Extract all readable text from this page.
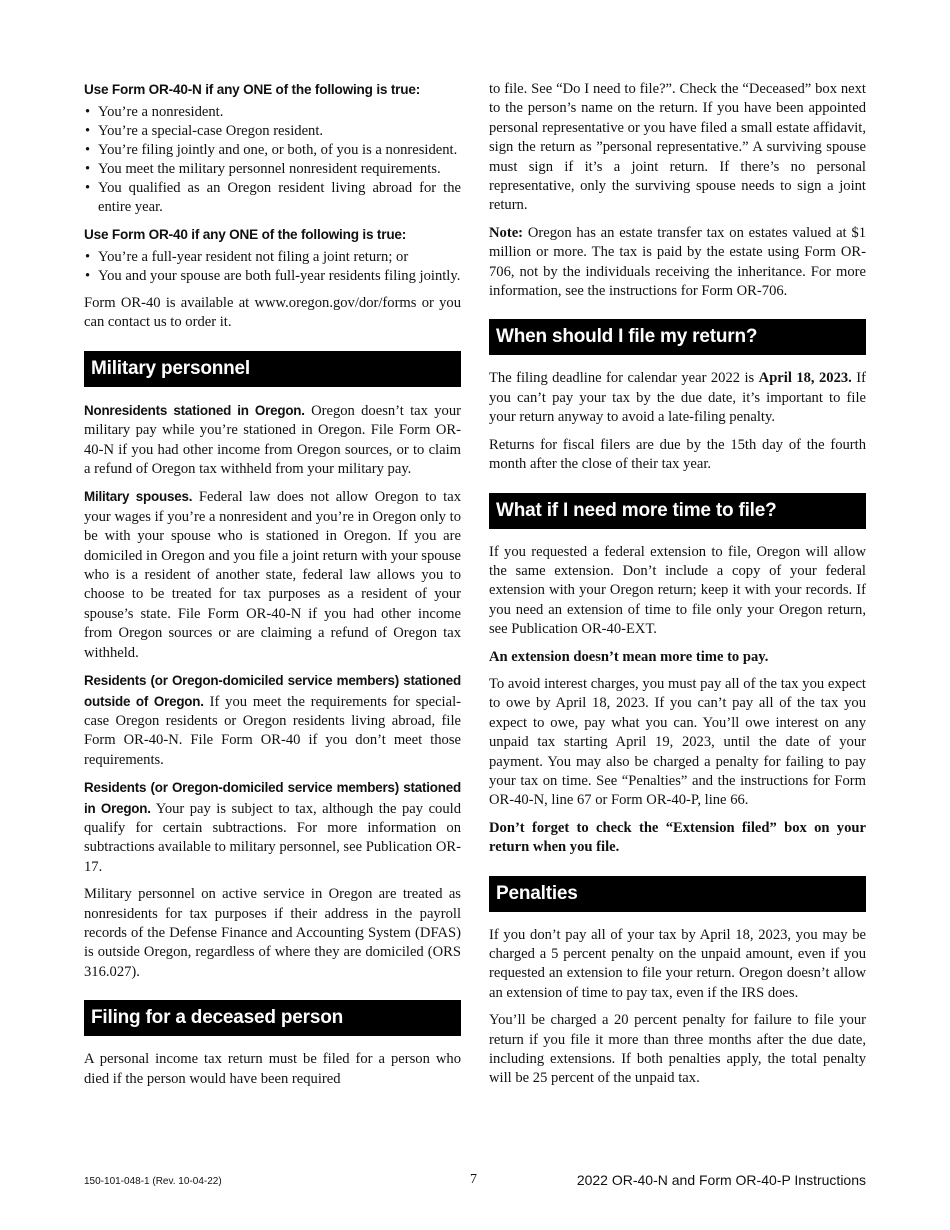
Use Form OR-40-N if any ONE of the following is true:
• You’re a nonresident.
• You’re a special-case Oregon resident.
• You’re filing jointly and one, or both, of you is a nonresident.
• You meet the military personnel nonresident requirements.
• You qualified as an Oregon resident living abroad for the entire year.
Use Form OR-40 if any ONE of the following is true:
• You’re a full-year resident not filing a joint return; or
• You and your spouse are both full-year residents filing jointly.

Form OR-40 is available at www.oregon.gov/dor/forms or you can contact us to order it.

Military personnel

Nonresidents stationed in Oregon. Oregon doesn’t tax your military pay while you’re stationed in Oregon. File Form OR-40-N if you had other income from Oregon sources, or to claim a refund of Oregon tax withheld from your military pay.

Military spouses. Federal law does not allow Oregon to tax your wages if you’re a nonresident and you’re in Oregon only to be with your spouse who is stationed in Oregon. If you are domiciled in Oregon and you file a joint return with your spouse who is a resident of another state, federal law allows you to choose to be treated for tax purposes as a resident of your spouse’s state. File Form OR-40-N if you had other income from Oregon sources or are claiming a refund of Oregon tax withheld.

Residents (or Oregon-domiciled service members) stationed outside of Oregon. If you meet the requirements for special-case Oregon residents or Oregon residents living abroad, file Form OR-40-N. File Form OR-40 if you don’t meet those requirements.

Residents (or Oregon-domiciled service members) stationed in Oregon. Your pay is subject to tax, although the pay could qualify for certain subtractions. For more information on subtractions available to military personnel, see Publication OR-17.

Military personnel on active service in Oregon are treated as nonresidents for tax purposes if their address in the payroll records of the Defense Finance and Accounting System (DFAS) is outside Oregon, regardless of where they are domiciled (ORS 316.027).

Filing for a deceased person

A personal income tax return must be filed for a person who died if the person would have been required

to file. See “Do I need to file?”. Check the “Deceased” box next to the person’s name on the return. If you have been appointed personal representative or you have filed a small estate affidavit, sign the return as ”personal representative.” A surviving spouse must sign if it’s a joint return. If there’s no personal representative, only the surviving spouse needs to sign a joint return.

Note: Oregon has an estate transfer tax on estates valued at $1 million or more. The tax is paid by the estate using Form OR-706, not by the individuals receiving the inheritance. For more information, see the instructions for Form OR-706.

When should I file my return?

The filing deadline for calendar year 2022 is April 18, 2023. If you can’t pay your tax by the due date, it’s important to file your return anyway to avoid a late-filing penalty.

Returns for fiscal filers are due by the 15th day of the fourth month after the close of their tax year.

What if I need more time to file?

If you requested a federal extension to file, Oregon will allow the same extension. Don’t include a copy of your federal extension with your Oregon return; keep it with your records. If you need an extension of time to file only your Oregon return, see Publication OR-40-EXT.

An extension doesn’t mean more time to pay.

To avoid interest charges, you must pay all of the tax you expect to owe by April 18, 2023. If you can’t pay all of the tax you expect to owe, pay what you can. You’ll owe interest on any unpaid tax starting April 19, 2023, until the date of your payment. You may also be charged a penalty for failing to pay your tax on time. See “Penalties” and the instructions for Form OR-40-N, line 67 or Form OR-40-P, line 66.

Don’t forget to check the “Extension filed” box on your return when you file.

Penalties

If you don’t pay all of your tax by April 18, 2023, you may be charged a 5 percent penalty on the unpaid amount, even if you requested an extension to file your return. Oregon doesn’t allow an extension of time to pay tax, even if the IRS does.

You’ll be charged a 20 percent penalty for failure to file your return if you file it more than three months after the due date, including extensions. If both penalties apply, the total penalty will be 25 percent of the unpaid tax.

150-101-048-1 (Rev. 10-04-22)	7	2022 OR-40-N and Form OR-40-P Instructions
